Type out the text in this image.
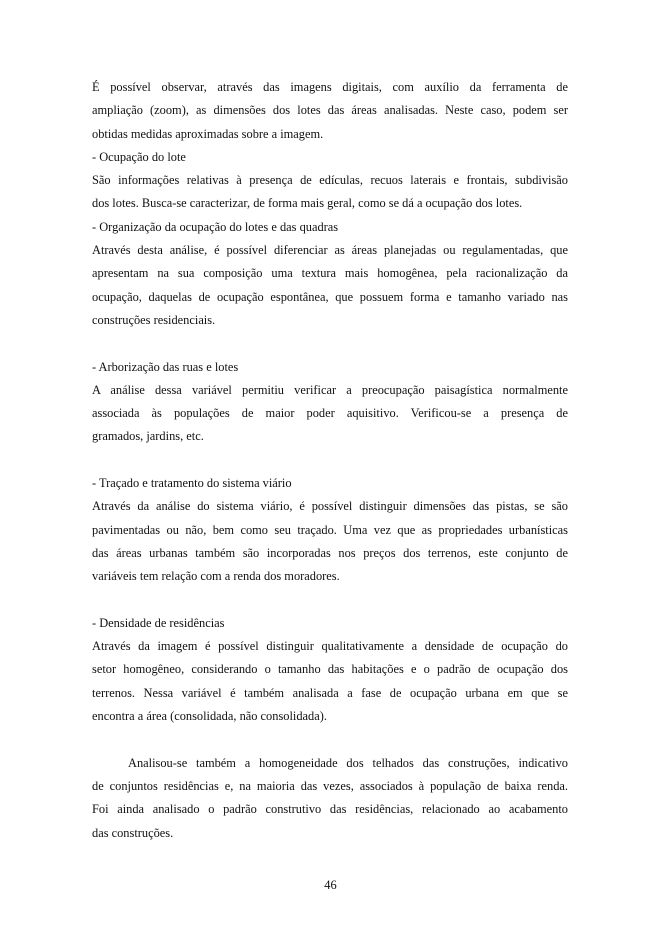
É possível observar, através das imagens digitais, com auxílio da ferramenta de
ampliação (zoom), as dimensões dos lotes das áreas analisadas. Neste caso, podem ser
obtidas medidas aproximadas sobre a imagem.
- Ocupação do lote
São informações relativas à presença de edículas, recuos laterais e frontais, subdivisão
dos lotes. Busca-se caracterizar, de forma mais geral, como se dá a ocupação dos lotes.
- Organização da ocupação do lotes e das quadras
Através desta análise, é possível diferenciar as áreas planejadas ou regulamentadas, que
apresentam na sua composição uma textura mais homogênea, pela racionalização da
ocupação, daquelas de ocupação espontânea, que possuem forma e tamanho variado nas
construções residenciais.
- Arborização das ruas e lotes
A análise dessa variável permitiu verificar a preocupação paisagística normalmente
associada às populações de maior poder aquisitivo. Verificou-se a presença de
gramados, jardins, etc.
- Traçado e tratamento do sistema viário
Através da análise do sistema viário, é possível distinguir dimensões das pistas, se são
pavimentadas ou não, bem como seu traçado. Uma vez que as propriedades urbanísticas
das áreas urbanas também são incorporadas nos preços dos terrenos, este conjunto de
variáveis tem relação com a renda dos moradores.
- Densidade de residências
Através da imagem é possível distinguir qualitativamente a densidade de ocupação do
setor homogêneo, considerando o tamanho das habitações e o padrão de ocupação dos
terrenos. Nessa variável é também analisada a fase de ocupação urbana em que se
encontra a área (consolidada, não consolidada).
Analisou-se também a homogeneidade dos telhados das construções, indicativo
de conjuntos residências e, na maioria das vezes, associados à população de baixa renda.
Foi ainda analisado o padrão construtivo das residências, relacionado ao acabamento
das construções.
46
